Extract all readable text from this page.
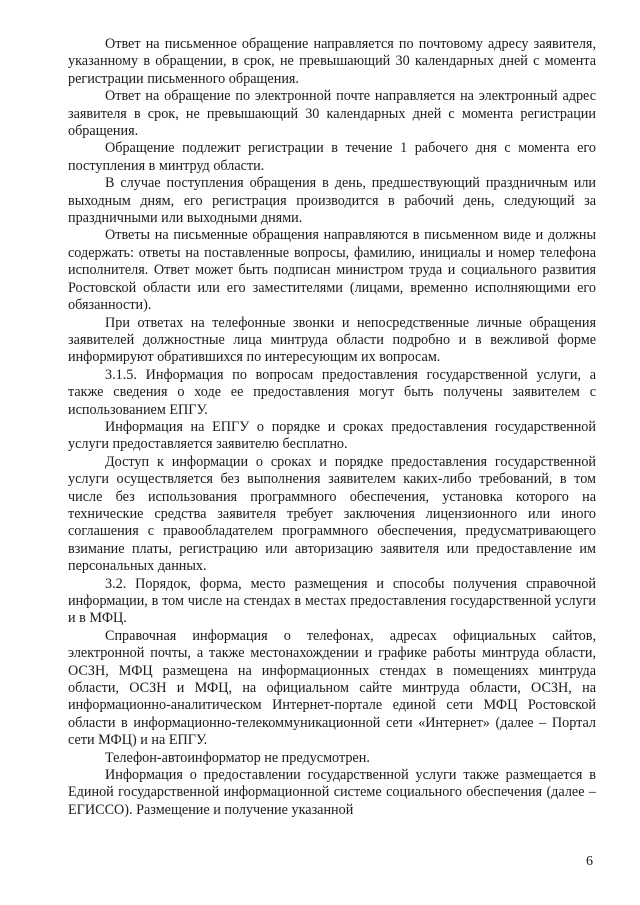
Ответ на письменное обращение направляется по почтовому адресу заявителя, указанному в обращении, в срок, не превышающий 30 календарных дней с момента регистрации письменного обращения.

Ответ на обращение по электронной почте направляется на электронный адрес заявителя в срок, не превышающий 30 календарных дней с момента регистрации обращения.

Обращение подлежит регистрации в течение 1 рабочего дня с момента его поступления в минтруд области.

В случае поступления обращения в день, предшествующий праздничным или выходным дням, его регистрация производится в рабочий день, следующий за праздничными или выходными днями.

Ответы на письменные обращения направляются в письменном виде и должны содержать: ответы на поставленные вопросы, фамилию, инициалы и номер телефона исполнителя. Ответ может быть подписан министром труда и социального развития Ростовской области или его заместителями (лицами, временно исполняющими его обязанности).

При ответах на телефонные звонки и непосредственные личные обращения заявителей должностные лица минтруда области подробно и в вежливой форме информируют обратившихся по интересующим их вопросам.

3.1.5. Информация по вопросам предоставления государственной услуги, а также сведения о ходе ее предоставления могут быть получены заявителем с использованием ЕПГУ.

Информация на ЕПГУ о порядке и сроках предоставления государственной услуги предоставляется заявителю бесплатно.

Доступ к информации о сроках и порядке предоставления государственной услуги осуществляется без выполнения заявителем каких-либо требований, в том числе без использования программного обеспечения, установка которого на технические средства заявителя требует заключения лицензионного или иного соглашения с правообладателем программного обеспечения, предусматривающего взимание платы, регистрацию или авторизацию заявителя или предоставление им персональных данных.

3.2. Порядок, форма, место размещения и способы получения справочной информации, в том числе на стендах в местах предоставления государственной услуги и в МФЦ.

Справочная информация о телефонах, адресах официальных сайтов, электронной почты, а также местонахождении и графике работы минтруда области, ОСЗН, МФЦ размещена на информационных стендах в помещениях минтруда области, ОСЗН и МФЦ, на официальном сайте минтруда области, ОСЗН, на информационно-аналитическом Интернет-портале единой сети МФЦ Ростовской области в информационно-телекоммуникационной сети «Интернет» (далее – Портал сети МФЦ) и на ЕПГУ.

Телефон-автоинформатор не предусмотрен.

Информация о предоставлении государственной услуги также размещается в Единой государственной информационной системе социального обеспечения (далее – ЕГИССО). Размещение и получение указанной

6
